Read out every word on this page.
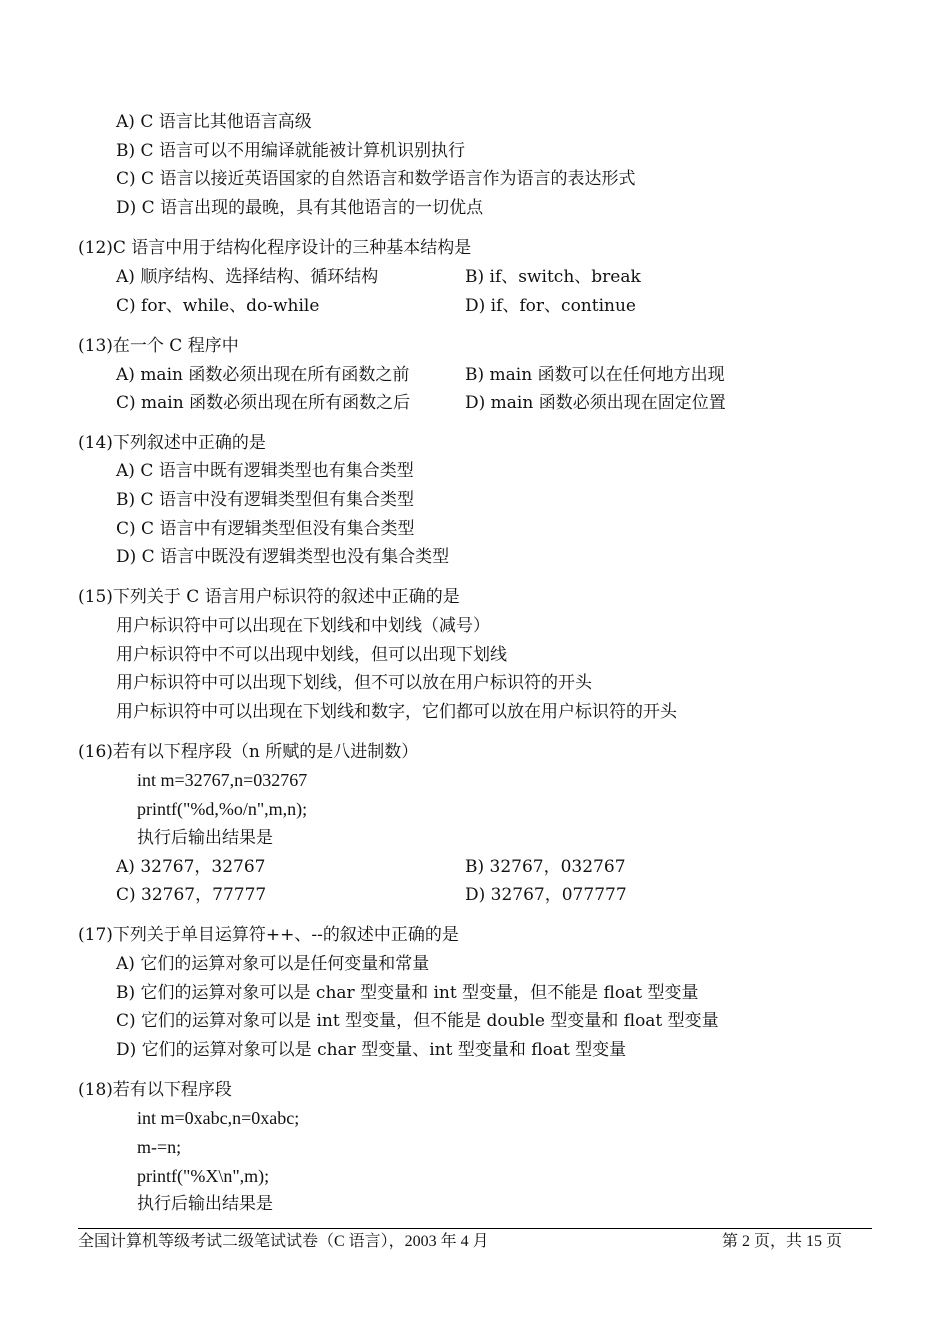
A) C 语言比其他语言高级
B) C 语言可以不用编译就能被计算机识别执行
C) C 语言以接近英语国家的自然语言和数学语言作为语言的表达形式
D) C 语言出现的最晚，具有其他语言的一切优点
(12)C 语言中用于结构化程序设计的三种基本结构是
A) 顺序结构、选择结构、循环结构	B) if、switch、break
C) for、while、do-while	D) if、for、continue
(13)在一个 C 程序中
A) main 函数必须出现在所有函数之前	B) main 函数可以在任何地方出现
C) main 函数必须出现在所有函数之后	D) main 函数必须出现在固定位置
(14)下列叙述中正确的是
A) C 语言中既有逻辑类型也有集合类型
B) C 语言中没有逻辑类型但有集合类型
C) C 语言中有逻辑类型但没有集合类型
D) C 语言中既没有逻辑类型也没有集合类型
(15)下列关于 C 语言用户标识符的叙述中正确的是
用户标识符中可以出现在下划线和中划线（减号）
用户标识符中不可以出现中划线，但可以出现下划线
用户标识符中可以出现下划线，但不可以放在用户标识符的开头
用户标识符中可以出现在下划线和数字，它们都可以放在用户标识符的开头
(16)若有以下程序段（n 所赋的是八进制数）
int m=32767,n=032767
printf("%d,%o/n",m,n);
执行后输出结果是
A) 32767，32767	B) 32767，032767
C) 32767，77777	D) 32767，077777
(17)下列关于单目运算符++、--的叙述中正确的是
A) 它们的运算对象可以是任何变量和常量
B) 它们的运算对象可以是 char 型变量和 int 型变量，但不能是 float 型变量
C) 它们的运算对象可以是 int 型变量，但不能是 double 型变量和 float 型变量
D) 它们的运算对象可以是 char 型变量、int 型变量和 float 型变量
(18)若有以下程序段
int m=0xabc,n=0xabc;
m-=n;
printf("%X\n",m);
执行后输出结果是
全国计算机等级考试二级笔试试卷（C 语言），2003 年 4 月	第 2 页，共 15 页
